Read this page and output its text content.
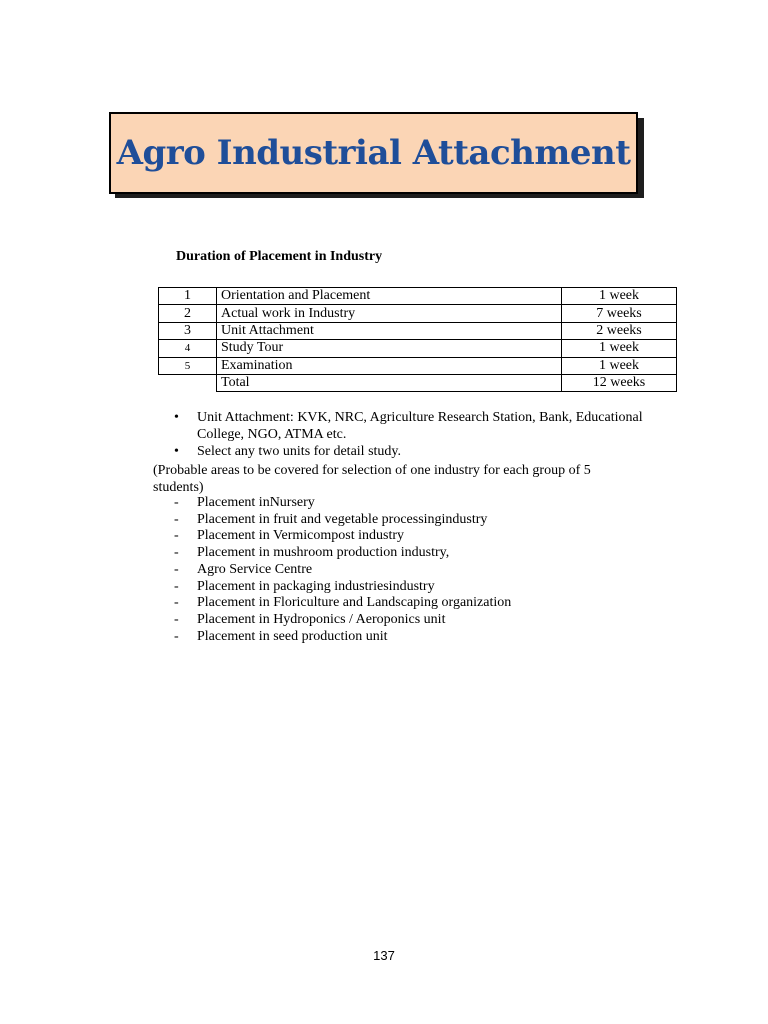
Agro Industrial Attachment
Duration of Placement in Industry
1	Orientation and Placement	1 week
2	Actual work in Industry	7 weeks
3	Unit Attachment	2 weeks
4	Study Tour	1 week
5	Examination	1 week
	Total	12 weeks
• Unit Attachment: KVK, NRC, Agriculture Research Station, Bank, Educational College, NGO, ATMA etc.
• Select any two units for detail study.
(Probable areas to be covered for selection of one industry for each group of 5 students)
- Placement inNursery
- Placement in fruit and vegetable processingindustry
- Placement in Vermicompost industry
- Placement in mushroom production industry,
- Agro Service Centre
- Placement in packaging industriesindustry
- Placement in Floriculture and Landscaping organization
- Placement in Hydroponics / Aeroponics unit
- Placement in seed production unit
137
